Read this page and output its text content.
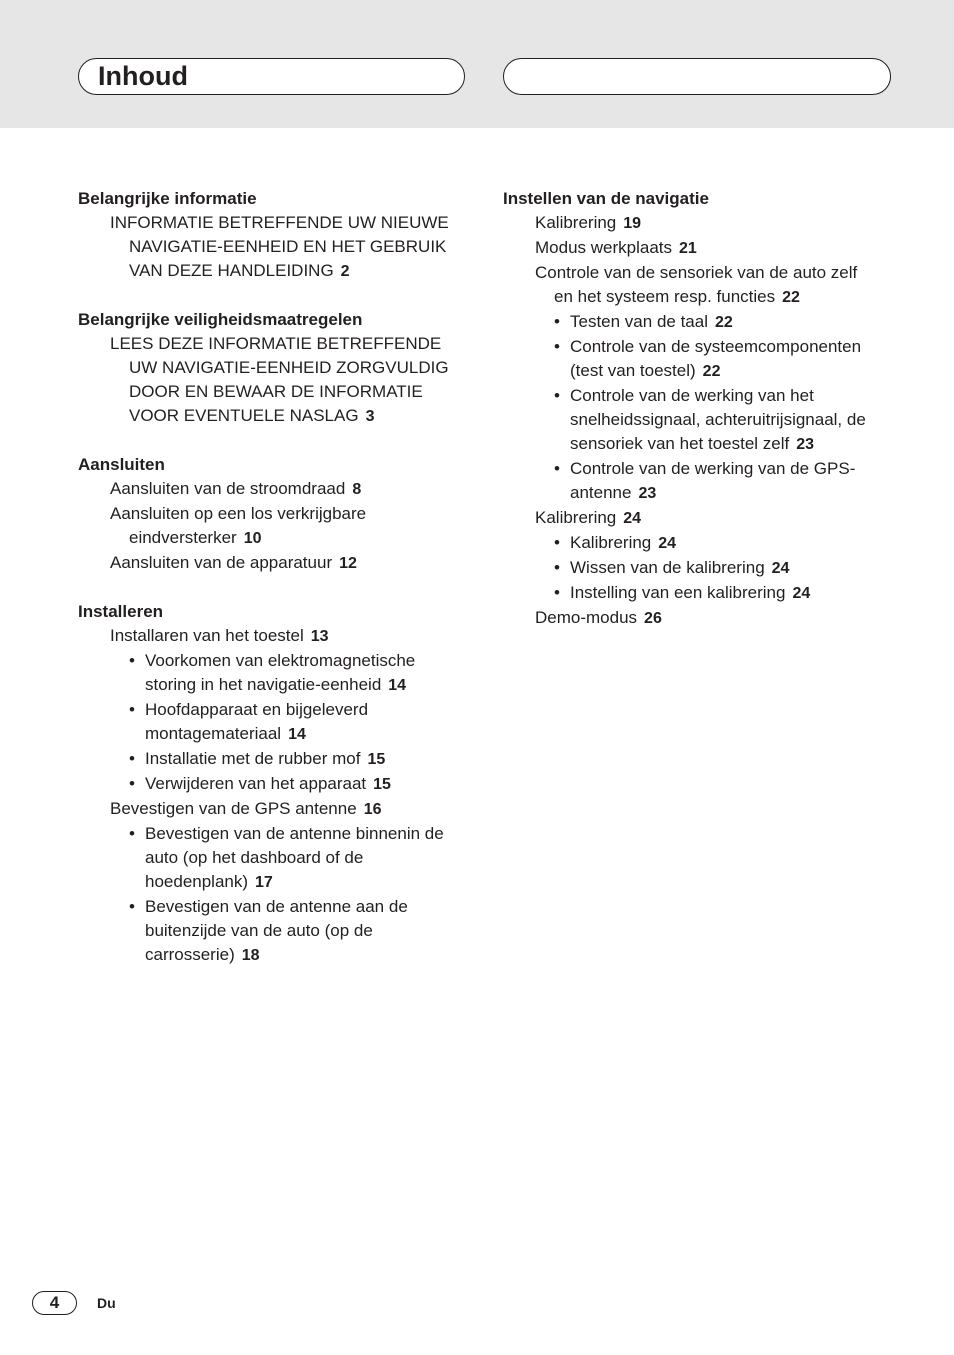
Inhoud
Belangrijke informatie
INFORMATIE BETREFFENDE UW NIEUWE
NAVIGATIE-EENHEID EN HET GEBRUIK
VAN DEZE HANDLEIDING 2
Belangrijke veiligheidsmaatregelen
LEES DEZE INFORMATIE BETREFFENDE
UW NAVIGATIE-EENHEID ZORGVULDIG
DOOR EN BEWAAR DE INFORMATIE
VOOR EVENTUELE NASLAG 3
Aansluiten
Aansluiten van de stroomdraad 8
Aansluiten op een los verkrijgbare
eindversterker 10
Aansluiten van de apparatuur 12
Installeren
Installaren van het toestel 13
• Voorkomen van elektromagnetische
storing in het navigatie-eenheid 14
• Hoofdapparaat en bijgeleverd
montagemateriaal 14
• Installatie met de rubber mof 15
• Verwijderen van het apparaat 15
Bevestigen van de GPS antenne 16
• Bevestigen van de antenne binnenin de
auto (op het dashboard of de
hoedenplank) 17
• Bevestigen van de antenne aan de
buitenzijde van de auto (op de
carrosserie) 18
Instellen van de navigatie
Kalibrering 19
Modus werkplaats 21
Controle van de sensoriek van de auto zelf
en het systeem resp. functies 22
• Testen van de taal 22
• Controle van de systeemcomponenten
(test van toestel) 22
• Controle van de werking van het
snelheidssignaal, achteruitrijsignaal, de
sensoriek van het toestel zelf 23
• Controle van de werking van de GPS-
antenne 23
Kalibrering 24
• Kalibrering 24
• Wissen van de kalibrering 24
• Instelling van een kalibrering 24
Demo-modus 26
4	Du
